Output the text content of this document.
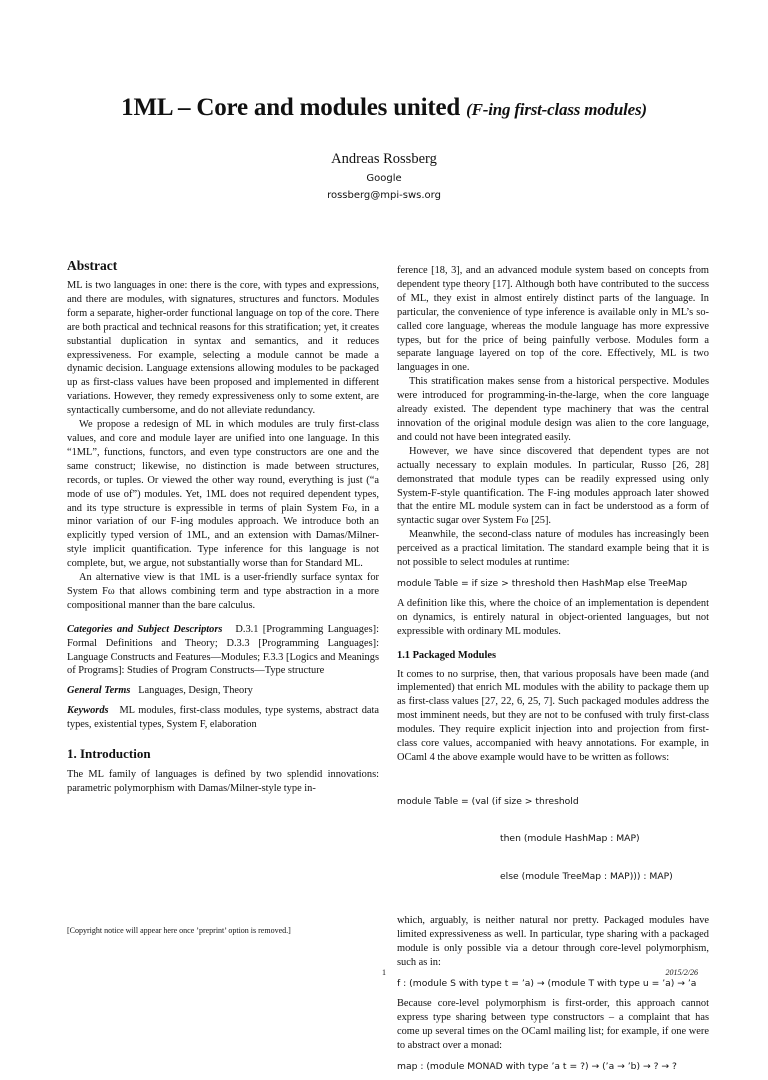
1ML – Core and modules united (F-ing first-class modules)
Andreas Rossberg
Google
rossberg@mpi-sws.org
Abstract

ML is two languages in one: there is the core, with types and expressions, and there are modules, with signatures, structures and functors. Modules form a separate, higher-order functional language on top of the core. There are both practical and technical reasons for this stratification; yet, it creates substantial duplication in syntax and semantics, and it reduces expressiveness. For example, selecting a module cannot be made a dynamic decision. Language extensions allowing modules to be packaged up as first-class values have been proposed and implemented in different variations. However, they remedy expressiveness only to some extent, are syntactically cumbersome, and do not alleviate redundancy.

We propose a redesign of ML in which modules are truly first-class values, and core and module layer are unified into one language. In this “1ML”, functions, functors, and even type constructors are one and the same construct; likewise, no distinction is made between structures, records, or tuples. Or viewed the other way round, everything is just (“a mode of use of”) modules. Yet, 1ML does not required dependent types, and its type structure is expressible in terms of plain System Fω, in a minor variation of our F-ing modules approach. We introduce both an explicitly typed version of 1ML, and an extension with Damas/Milner-style implicit quantification. Type inference for this language is not complete, but, we argue, not substantially worse than for Standard ML.

An alternative view is that 1ML is a user-friendly surface syntax for System Fω that allows combining term and type abstraction in a more compositional manner than the bare calculus.

Categories and Subject Descriptors D.3.1 [Programming Languages]: Formal Definitions and Theory; D.3.3 [Programming Languages]: Language Constructs and Features—Modules; F.3.3 [Logics and Meanings of Programs]: Studies of Program Constructs—Type structure

General Terms Languages, Design, Theory

Keywords ML modules, first-class modules, type systems, abstract data types, existential types, System F, elaboration

1. Introduction

The ML family of languages is defined by two splendid innovations: parametric polymorphism with Damas/Milner-style type in-

ference [18, 3], and an advanced module system based on concepts from dependent type theory [17]. Although both have contributed to the success of ML, they exist in almost entirely distinct parts of the language. In particular, the convenience of type inference is available only in ML’s so-called core language, whereas the module language has more expressive types, but for the price of being painfully verbose. Modules form a separate language layered on top of the core. Effectively, ML is two languages in one.

This stratification makes sense from a historical perspective. Modules were introduced for programming-in-the-large, when the core language already existed. The dependent type machinery that was the central innovation of the original module design was alien to the core language, and could not have been integrated easily.

However, we have since discovered that dependent types are not actually necessary to explain modules. In particular, Russo [26, 28] demonstrated that module types can be readily expressed using only System-F-style quantification. The F-ing modules approach later showed that the entire ML module system can in fact be understood as a form of syntactic sugar over System Fω [25].

Meanwhile, the second-class nature of modules has increasingly been perceived as a practical limitation. The standard example being that it is not possible to select modules at runtime:

module Table = if size > threshold then HashMap else TreeMap

A definition like this, where the choice of an implementation is dependent on dynamics, is entirely natural in object-oriented languages, but not expressible with ordinary ML modules.

1.1 Packaged Modules

It comes to no surprise, then, that various proposals have been made (and implemented) that enrich ML modules with the ability to package them up as first-class values [27, 22, 6, 25, 7]. Such packaged modules address the most imminent needs, but they are not to be confused with truly first-class modules. They require explicit injection into and projection from first-class core values, accompanied with heavy annotations. For example, in OCaml 4 the above example would have to be written as follows:

module Table = (val (if size > threshold

then (module HashMap : MAP)

else (module TreeMap : MAP))) : MAP)

which, arguably, is neither natural nor pretty. Packaged modules have limited expressiveness as well. In particular, type sharing with a packaged module is only possible via a detour through core-level polymorphism, such as in:

f : (module S with type t = ’a) → (module T with type u = ’a) → ’a

Because core-level polymorphism is first-order, this approach cannot express type sharing between type constructors – a complaint that has come up several times on the OCaml mailing list; for example, if one were to abstract over a monad:

map : (module MONAD with type ’a t = ?) → (’a → ’b) → ? → ?
[Copyright notice will appear here once ’preprint’ option is removed.]
1	2015/2/26
